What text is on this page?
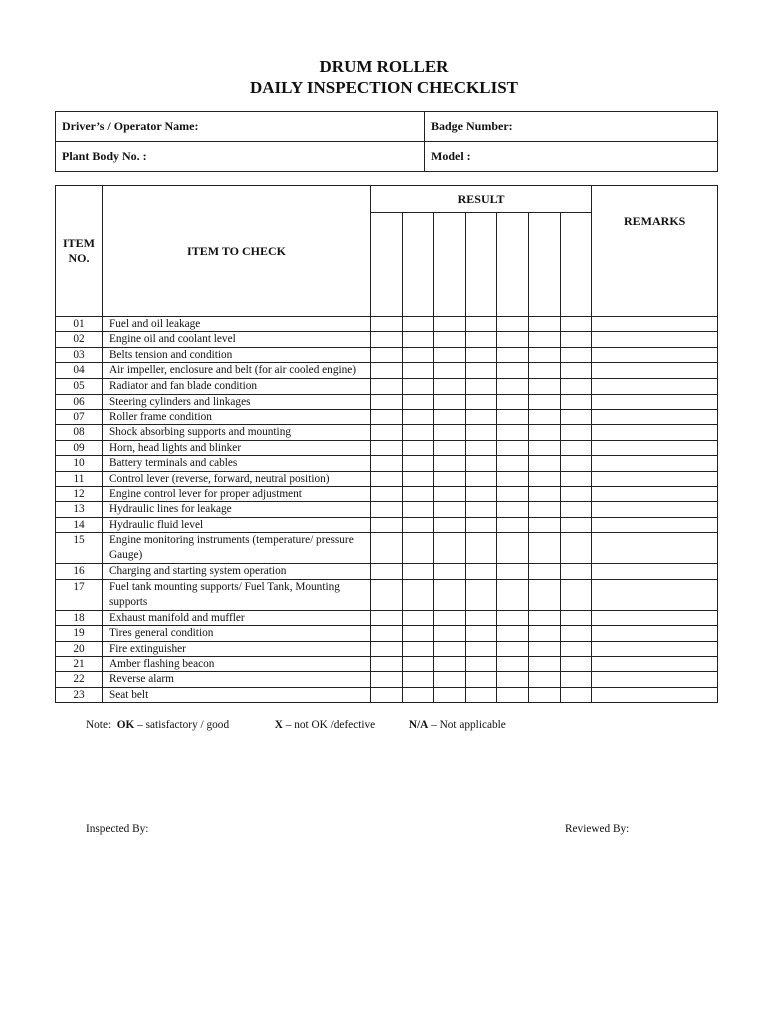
DRUM ROLLER
DAILY INSPECTION CHECKLIST
Driver’s / Operator Name:	Badge Number:
Plant Body No. :	Model :
ITEM NO.	ITEM TO CHECK	RESULT							REMARKS

01	Fuel and oil leakage								
02	Engine oil and coolant level								
03	Belts tension and condition								
04	Air impeller, enclosure and belt (for air cooled engine)								
05	Radiator and fan blade condition								
06	Steering cylinders and linkages								
07	Roller frame condition								
08	Shock absorbing supports and mounting								
09	Horn, head lights and blinker								
10	Battery terminals and cables								
11	Control lever (reverse, forward, neutral position)								
12	Engine control lever for proper adjustment								
13	Hydraulic lines for leakage								
14	Hydraulic fluid level								
15	Engine monitoring instruments (temperature/ pressure Gauge)								
16	Charging and starting system operation								
17	Fuel tank mounting supports/ Fuel Tank, Mounting supports								
18	Exhaust manifold and muffler								
19	Tires general condition								
20	Fire extinguisher								
21	Amber flashing beacon								
22	Reverse alarm								
23	Seat belt								
Note: OK – satisfactory / good	X – not OK /defective	N/A – Not applicable
Inspected By:	Reviewed By:
